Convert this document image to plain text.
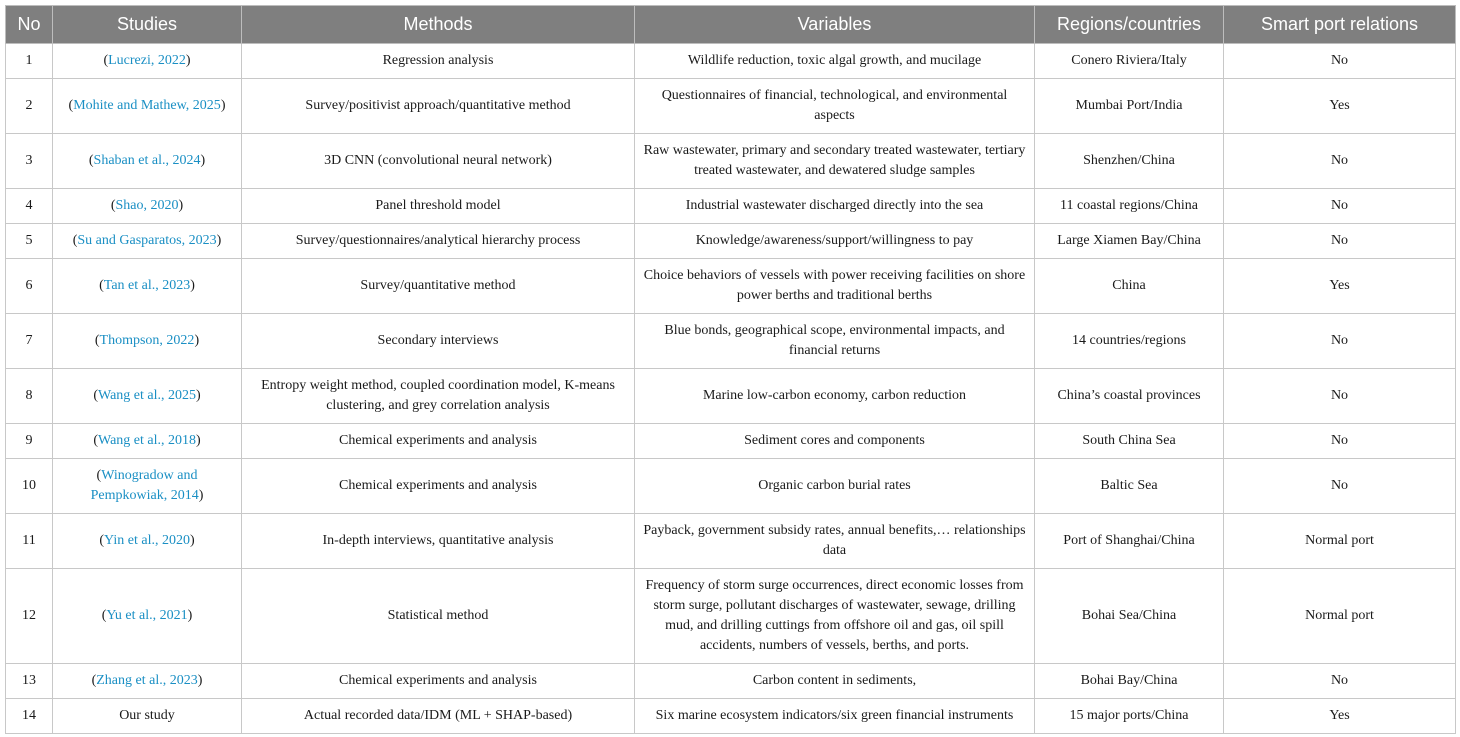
No	Studies	Methods	Variables	Regions/countries	Smart port relations
1	(Lucrezi, 2022)	Regression analysis	Wildlife reduction, toxic algal growth, and mucilage	Conero Riviera/Italy	No
2	(Mohite and Mathew, 2025)	Survey/positivist approach/quantitative method	Questionnaires of financial, technological, and environmental aspects	Mumbai Port/India	Yes
3	(Shaban et al., 2024)	3D CNN (convolutional neural network)	Raw wastewater, primary and secondary treated wastewater, tertiary treated wastewater, and dewatered sludge samples	Shenzhen/China	No
4	(Shao, 2020)	Panel threshold model	Industrial wastewater discharged directly into the sea	11 coastal regions/China	No
5	(Su and Gasparatos, 2023)	Survey/questionnaires/analytical hierarchy process	Knowledge/awareness/support/willingness to pay	Large Xiamen Bay/China	No
6	(Tan et al., 2023)	Survey/quantitative method	Choice behaviors of vessels with power receiving facilities on shore power berths and traditional berths	China	Yes
7	(Thompson, 2022)	Secondary interviews	Blue bonds, geographical scope, environmental impacts, and financial returns	14 countries/regions	No
8	(Wang et al., 2025)	Entropy weight method, coupled coordination model, K-means clustering, and grey correlation analysis	Marine low-carbon economy, carbon reduction	China’s coastal provinces	No
9	(Wang et al., 2018)	Chemical experiments and analysis	Sediment cores and components	South China Sea	No
10	(Winogradow and Pempkowiak, 2014)	Chemical experiments and analysis	Organic carbon burial rates	Baltic Sea	No
11	(Yin et al., 2020)	In-depth interviews, quantitative analysis	Payback, government subsidy rates, annual benefits,… relationships data	Port of Shanghai/China	Normal port
12	(Yu et al., 2021)	Statistical method	Frequency of storm surge occurrences, direct economic losses from storm surge, pollutant discharges of wastewater, sewage, drilling mud, and drilling cuttings from offshore oil and gas, oil spill accidents, numbers of vessels, berths, and ports.	Bohai Sea/China	Normal port
13	(Zhang et al., 2023)	Chemical experiments and analysis	Carbon content in sediments,	Bohai Bay/China	No
14	Our study	Actual recorded data/IDM (ML + SHAP-based)	Six marine ecosystem indicators/six green financial instruments	15 major ports/China	Yes
